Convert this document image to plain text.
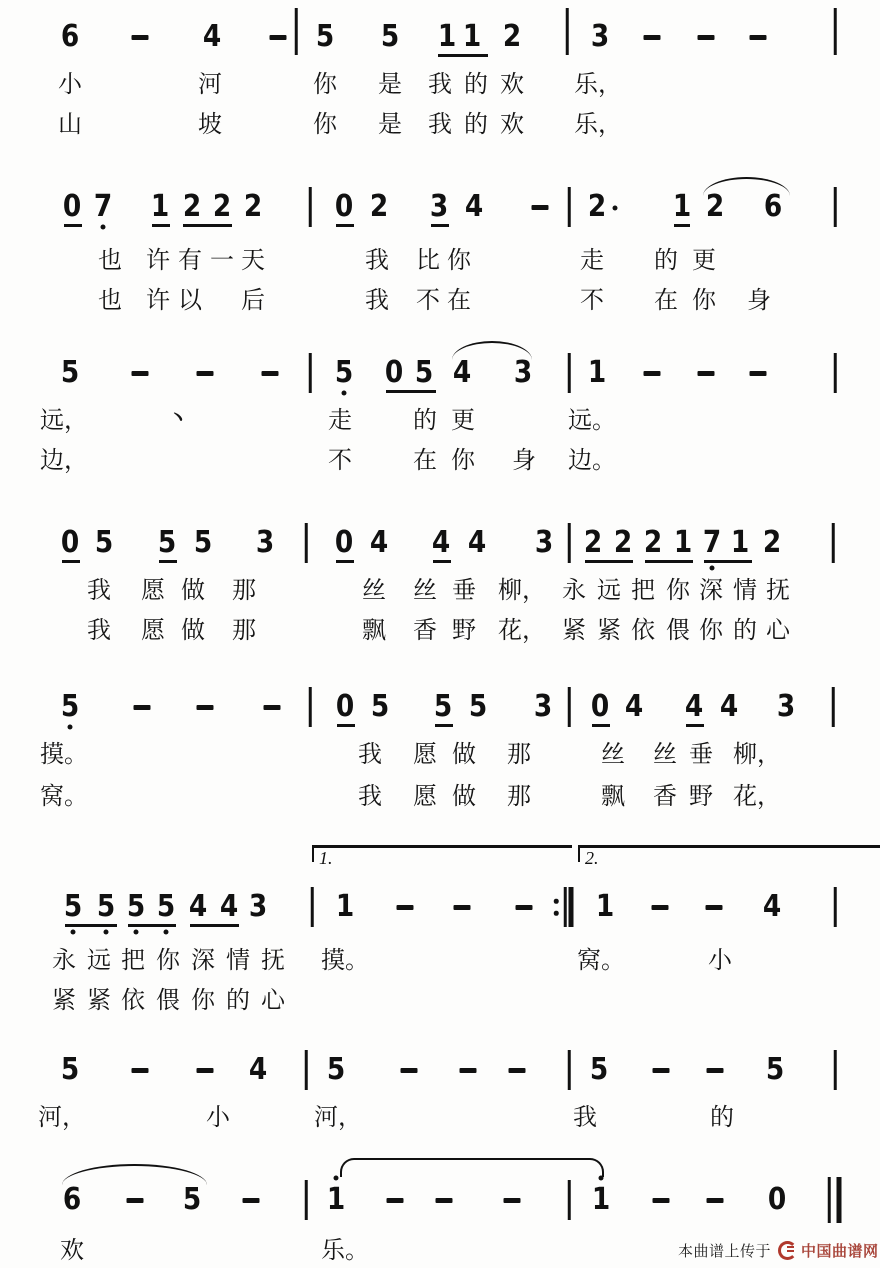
本曲谱上传于 中国曲谱网
6	4	5 5 1 1 2 3
小	河	你 是 我 的 欢 乐，
山	坡	你 是 我 的 欢 乐，
0 7 1 2 2 2 0 2 3 4	2 1 2 6
也 许 有 一 天	我 比 你	走 的 更
也 许 以 后	我 不 在	不 在 你 身
5	5 0 5 4 3 1
远，	丶	走	的 更	远。
边，	不	在 你 身 边。
0 5 5 5 3 0 4 4 4 3 2 2 2 1 7 1 2
我 愿 做 那	丝 丝 垂 柳， 永 远 把 你 深 情 抚
我 愿 做 那	飘 香 野 花， 紧 紧 依 偎 你 的 心
5	0 5 5 5 3 0 4 4 4 3
摸。	我 愿 做 那	丝 丝 垂 柳，
窝。	我 愿 做 那	飘 香 野 花，
1.	2.
5 5 5 5 4 4 3 1	1	4
永 远 把 你 深 情 抚 摸。	窝。	小
紧 紧 依 偎 你 的 心
5	4 5	5	5
河，	小	河，	我	的
6	5	1	1	0
欢	乐。
